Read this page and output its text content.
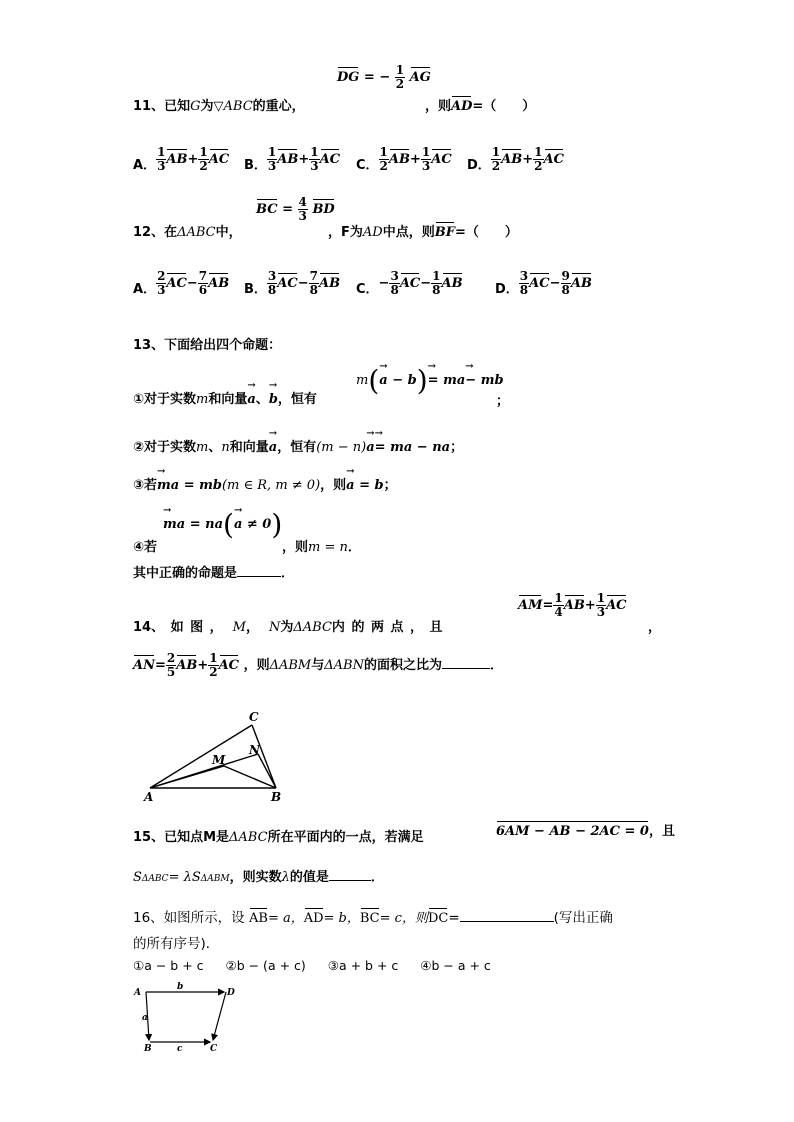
DG = − $\frac{1}{2}$ AG
11、已知G为▽ABC的重心，	，则AD=（　　）
A． $\frac{1}{3} AB+ \frac{1}{2}$ AC B． $\frac{1}{3} AB+ \frac{1}{3}$ AC C． $\frac{1}{2} AB+ \frac{1}{3}$ AC D． $\frac{1}{2} AB+ \frac{1}{2}$ AC
BC = $\frac{4}{3}$ BD
12、在ΔABC中，	，F为AD中点，则BF=（　　）
A． $\frac{2}{3} AC- \frac{7}{6}$ AB B． $\frac{3}{8} AC- \frac{7}{8}$ AB C．− $\frac{3}{8} AC- \frac{1}{8}$ AB D． $\frac{3}{8} AC- \frac{9}{8}$ AB
13、下面给出四个命题：
①对于实数m和向量→ a、→ b，恒有
m(→ a − b)→ = ma→ − mb
；
②对于实数m、n和向量→ a，恒有(m − n)→ a→ = ma − na；
③若→ ma = mb(m ∈ R, m ≠ 0)，则→ a = b；
④若
→ ma = na(→ a ≠ 0)
，则m = n．
其中正确的命题是	．
$AM= \frac{1}{4} AB+ \frac{1}{3}$ AC
14、 如 图 ， M， N为ΔABC内 的 两 点 ， 且	，
$AN= \frac{2}{5} AB+ \frac{1}{2}$ AC ，则ΔABM与ΔABN的面积之比为	．
A	B
C
M
N
15、已知点M是ΔABC所在平面内的一点，若满足	6AM − AB − 2AC = 0，且
SΔABC= λSΔABM，则实数λ的值是	．
16、如图所示，设 AB= a，AD= b，BC= c，则DC=	(写出正确
的所有序号)．
①a − b + c ②b − (a + c) ③a + b + c ④b − a + c
A	D
B	C
b
a
c
